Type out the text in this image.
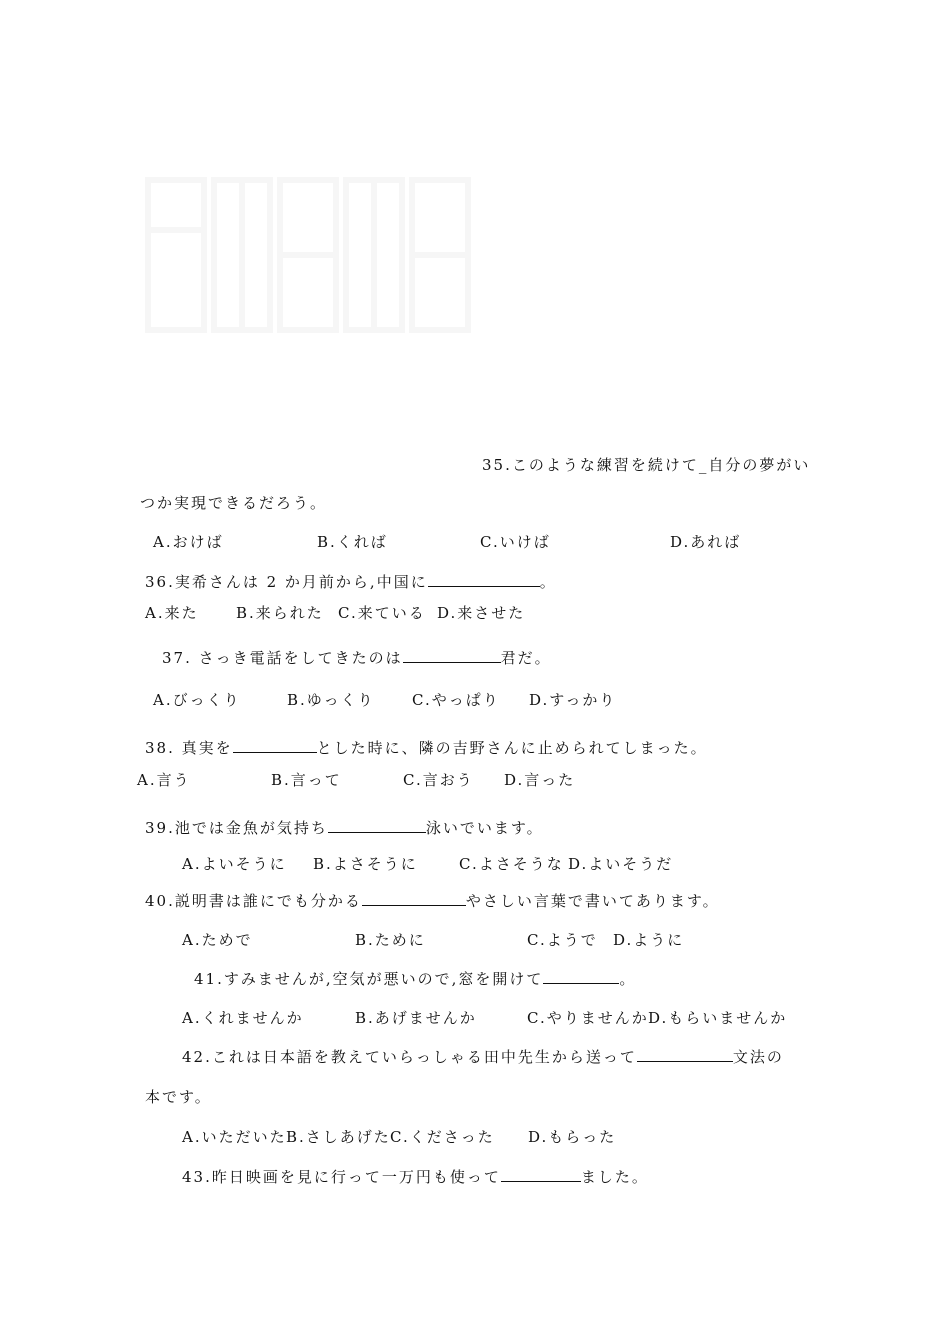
35.このような練習を続けて_自分の夢がい
つか実現できるだろう。
A.おけば	B.くれば	C.いけば	D.あれば
36.実希さんは 2 か月前から,中国に	。
A.来た B.来られた C.来ている D.来させた
37. さっき電話をしてきたのは	君だ。
A.びっくり	B.ゆっくり C.やっぱり D.すっかり
38. 真実を	とした時に、隣の吉野さんに止められてしまった。
A.言う	B.言って	C.言おう D.言った
39.池では金魚が気持ち	泳いでいます。
A.よいそうに B.よさそうに	C.よさそうな D.よいそうだ
40.説明書は誰にでも分かる	やさしい言葉で書いてあります。
A.ためで	B.ために	C.ようで D.ように
41.すみませんが,空気が悪いので,窓を開けて	。
A.くれませんか	B.あげませんか	C.やりませんか D.もらいませんか
42.これは日本語を教えていらっしゃる田中先生から送って	文法の
本です。
A.いただいた B.さしあげた C.くださった D.もらった
43.昨日映画を見に行って一万円も使って	ました。
